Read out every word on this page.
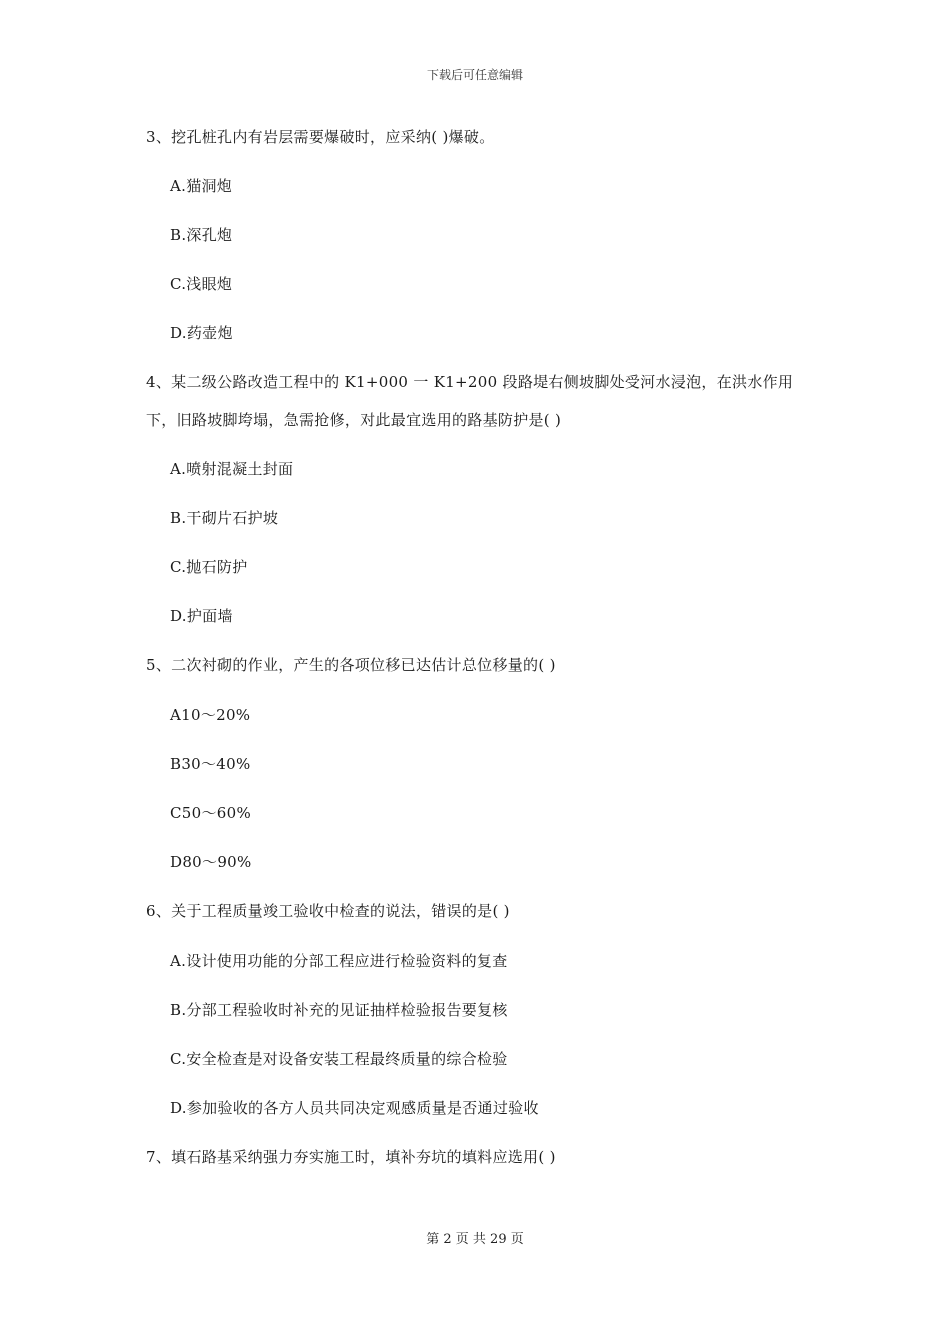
下载后可任意编辑
3、挖孔桩孔内有岩层需要爆破时，应采纳( )爆破。
A.猫洞炮
B.深孔炮
C.浅眼炮
D.药壶炮
4、某二级公路改造工程中的 K1+000 一 K1+200 段路堤右侧坡脚处受河水浸泡，在洪水作用
下，旧路坡脚垮塌，急需抢修，对此最宜选用的路基防护是( )
A.喷射混凝土封面
B.干砌片石护坡
C.抛石防护
D.护面墙
5、二次衬砌的作业，产生的各项位移已达估计总位移量的( )
A10～20%
B30～40%
C50～60%
D80～90%
6、关于工程质量竣工验收中检查的说法，错误的是( )
A.设计使用功能的分部工程应进行检验资料的复查
B.分部工程验收时补充的见证抽样检验报告要复核
C.安全检查是对设备安装工程最终质量的综合检验
D.参加验收的各方人员共同决定观感质量是否通过验收
7、填石路基采纳强力夯实施工时，填补夯坑的填料应选用( )
第 2 页 共 29 页
